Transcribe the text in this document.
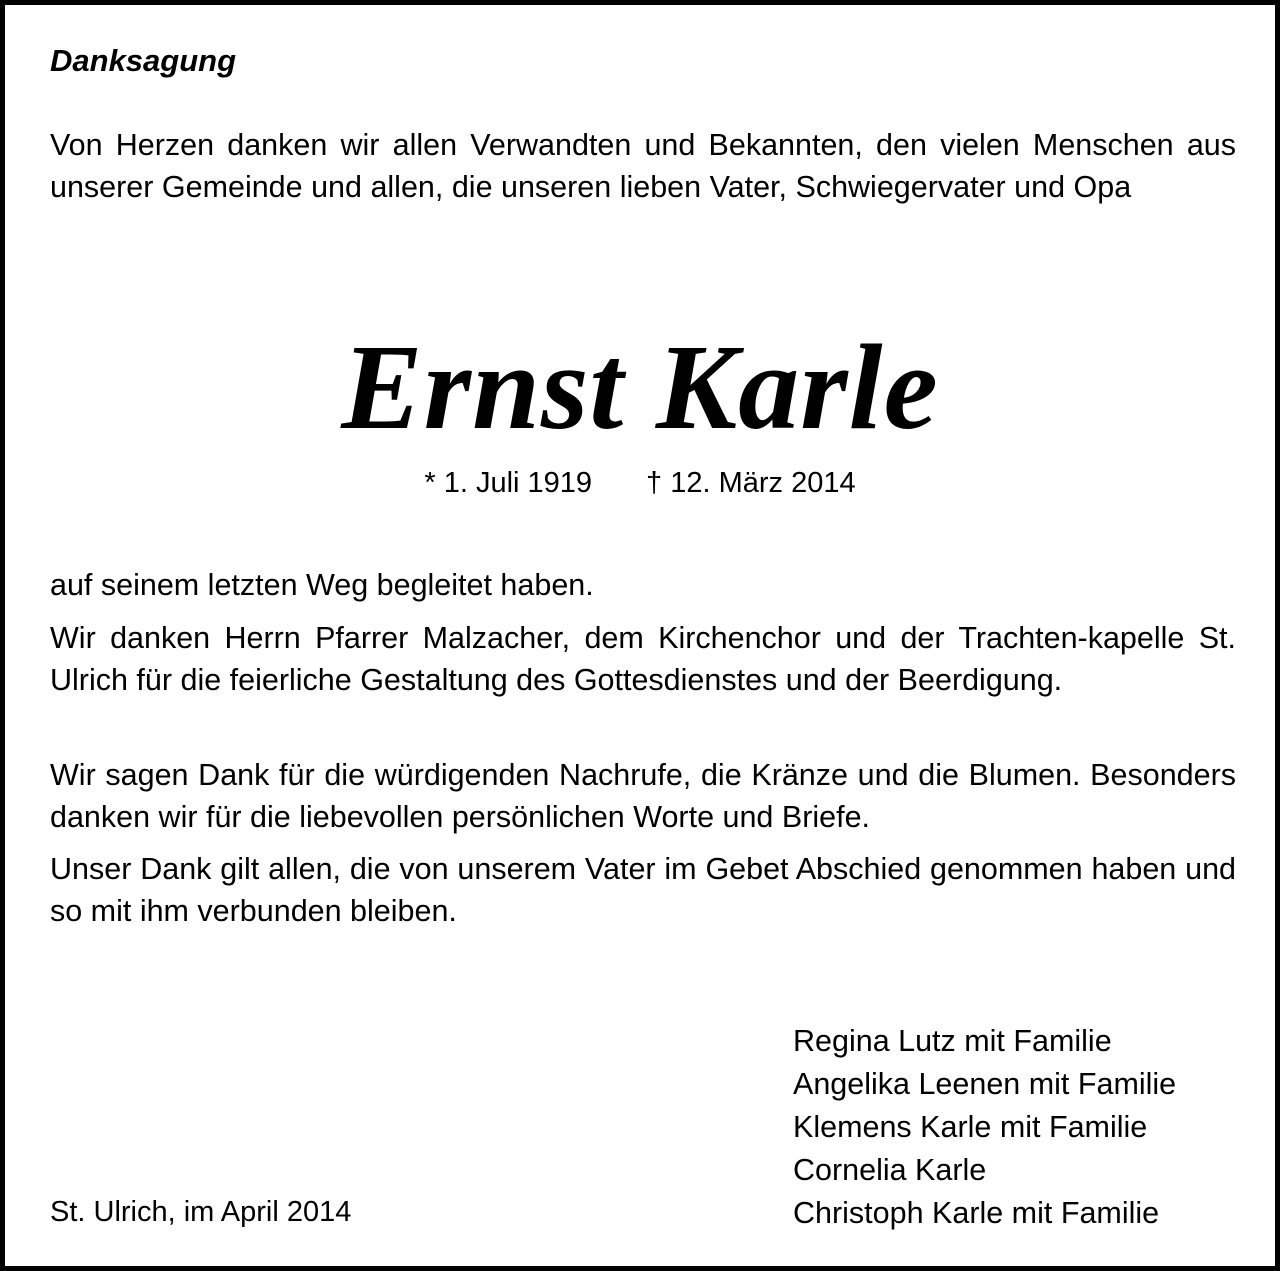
Danksagung

Von Herzen danken wir allen Verwandten und Bekannten, den vielen Menschen aus unserer Gemeinde und allen, die unseren lieben Vater, Schwiegervater und Opa

Ernst Karle

* 1. Juli 1919 † 12. März 2014

auf seinem letzten Weg begleitet haben.

Wir danken Herrn Pfarrer Malzacher, dem Kirchenchor und der Trachten-kapelle St. Ulrich für die feierliche Gestaltung des Gottesdienstes und der Beerdigung.

Wir sagen Dank für die würdigenden Nachrufe, die Kränze und die Blumen. Besonders danken wir für die liebevollen persönlichen Worte und Briefe.

Unser Dank gilt allen, die von unserem Vater im Gebet Abschied genommen haben und so mit ihm verbunden bleiben.

Regina Lutz mit Familie
Angelika Leenen mit Familie
Klemens Karle mit Familie
Cornelia Karle
Christoph Karle mit Familie

St. Ulrich, im April 2014
